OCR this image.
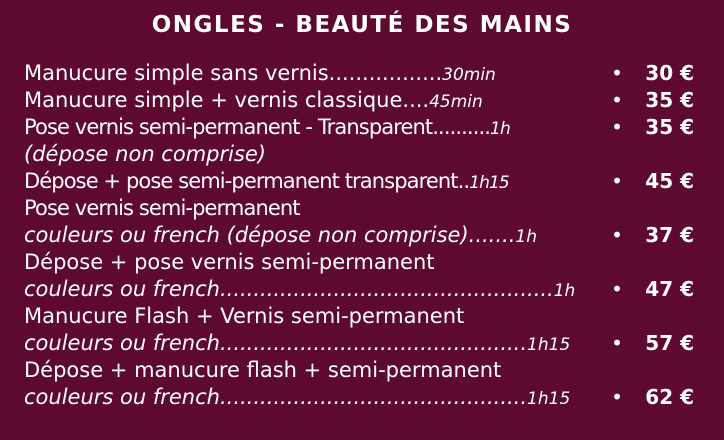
ONGLES - BEAUTÉ DES MAINS
Manucure simple sans vernis.................30min	•	30 €
Manucure simple + vernis classique....45min	•	35 €
Pose vernis semi-permanent - Transparent..........1h	•	35 €
(dépose non comprise)
Dépose + pose semi-permanent transparent..1h15	•	45 €
Pose vernis semi-permanent
couleurs ou french (dépose non comprise).......1h	•	37 €
Dépose + pose vernis semi-permanent
couleurs ou french..................................................1h •	47 €
Manucure Flash + Vernis semi-permanent
couleurs ou french..............................................1h15 •	57 €
Dépose + manucure flash + semi-permanent
couleurs ou french..............................................1h15 •	62 €
